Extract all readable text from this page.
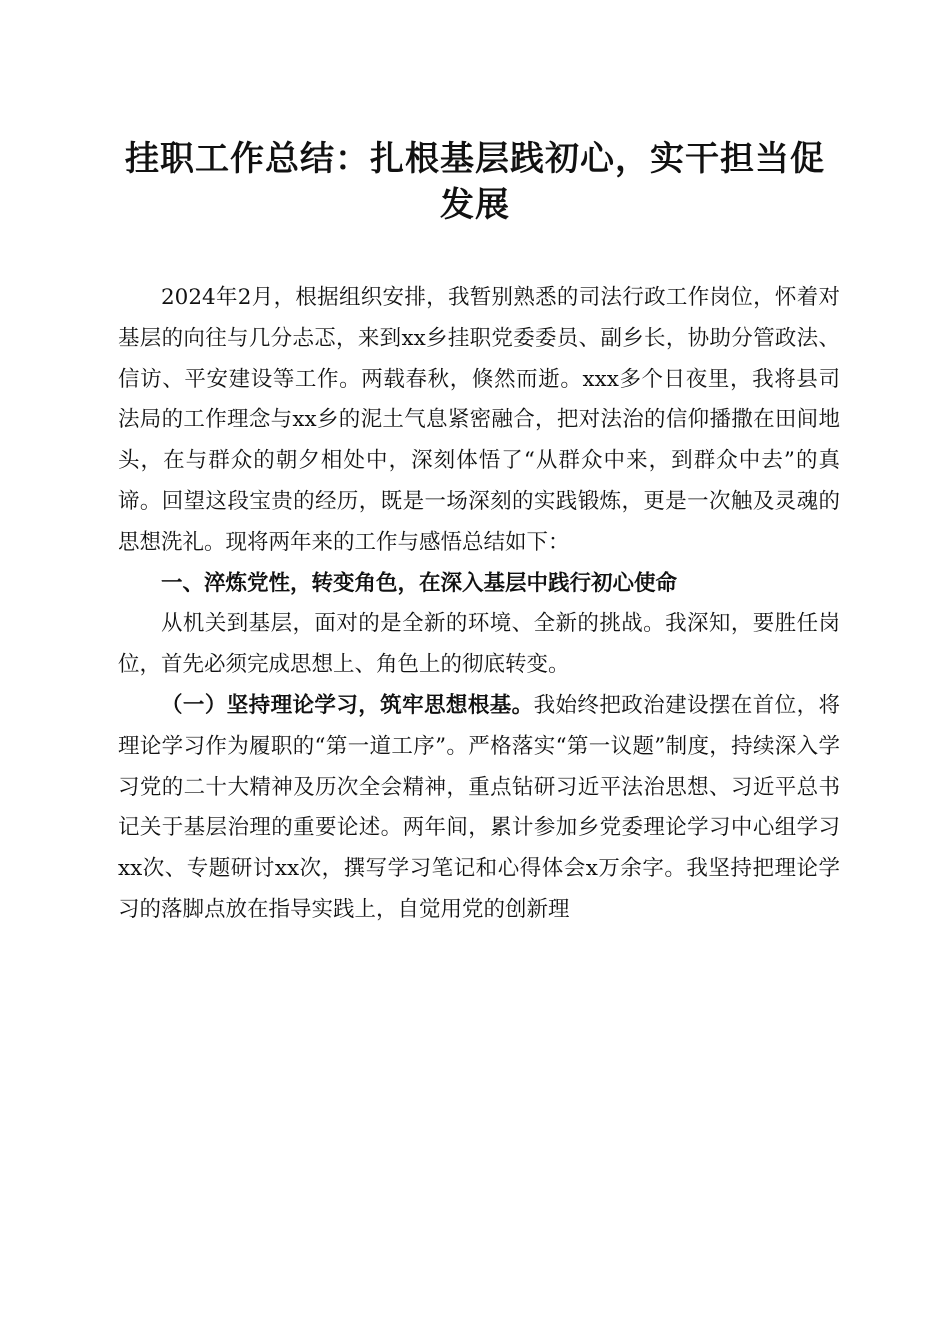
挂职工作总结：扎根基层践初心，实干担当促发展

2024年2月，根据组织安排，我暂别熟悉的司法行政工作岗位，怀着对基层的向往与几分忐忑，来到xx乡挂职党委委员、副乡长，协助分管政法、信访、平安建设等工作。两载春秋，倏然而逝。xxx多个日夜里，我将县司法局的工作理念与xx乡的泥土气息紧密融合，把对法治的信仰播撒在田间地头，在与群众的朝夕相处中，深刻体悟了“从群众中来，到群众中去”的真谛。回望这段宝贵的经历，既是一场深刻的实践锻炼，更是一次触及灵魂的思想洗礼。现将两年来的工作与感悟总结如下：

一、淬炼党性，转变角色，在深入基层中践行初心使命

从机关到基层，面对的是全新的环境、全新的挑战。我深知，要胜任岗位，首先必须完成思想上、角色上的彻底转变。

（一）坚持理论学习，筑牢思想根基。我始终把政治建设摆在首位，将理论学习作为履职的“第一道工序”。严格落实“第一议题”制度，持续深入学习党的二十大精神及历次全会精神，重点钻研习近平法治思想、习近平总书记关于基层治理的重要论述。两年间，累计参加乡党委理论学习中心组学习xx次、专题研讨xx次，撰写学习笔记和心得体会x万余字。我坚持把理论学习的落脚点放在指导实践上，自觉用党的创新理
